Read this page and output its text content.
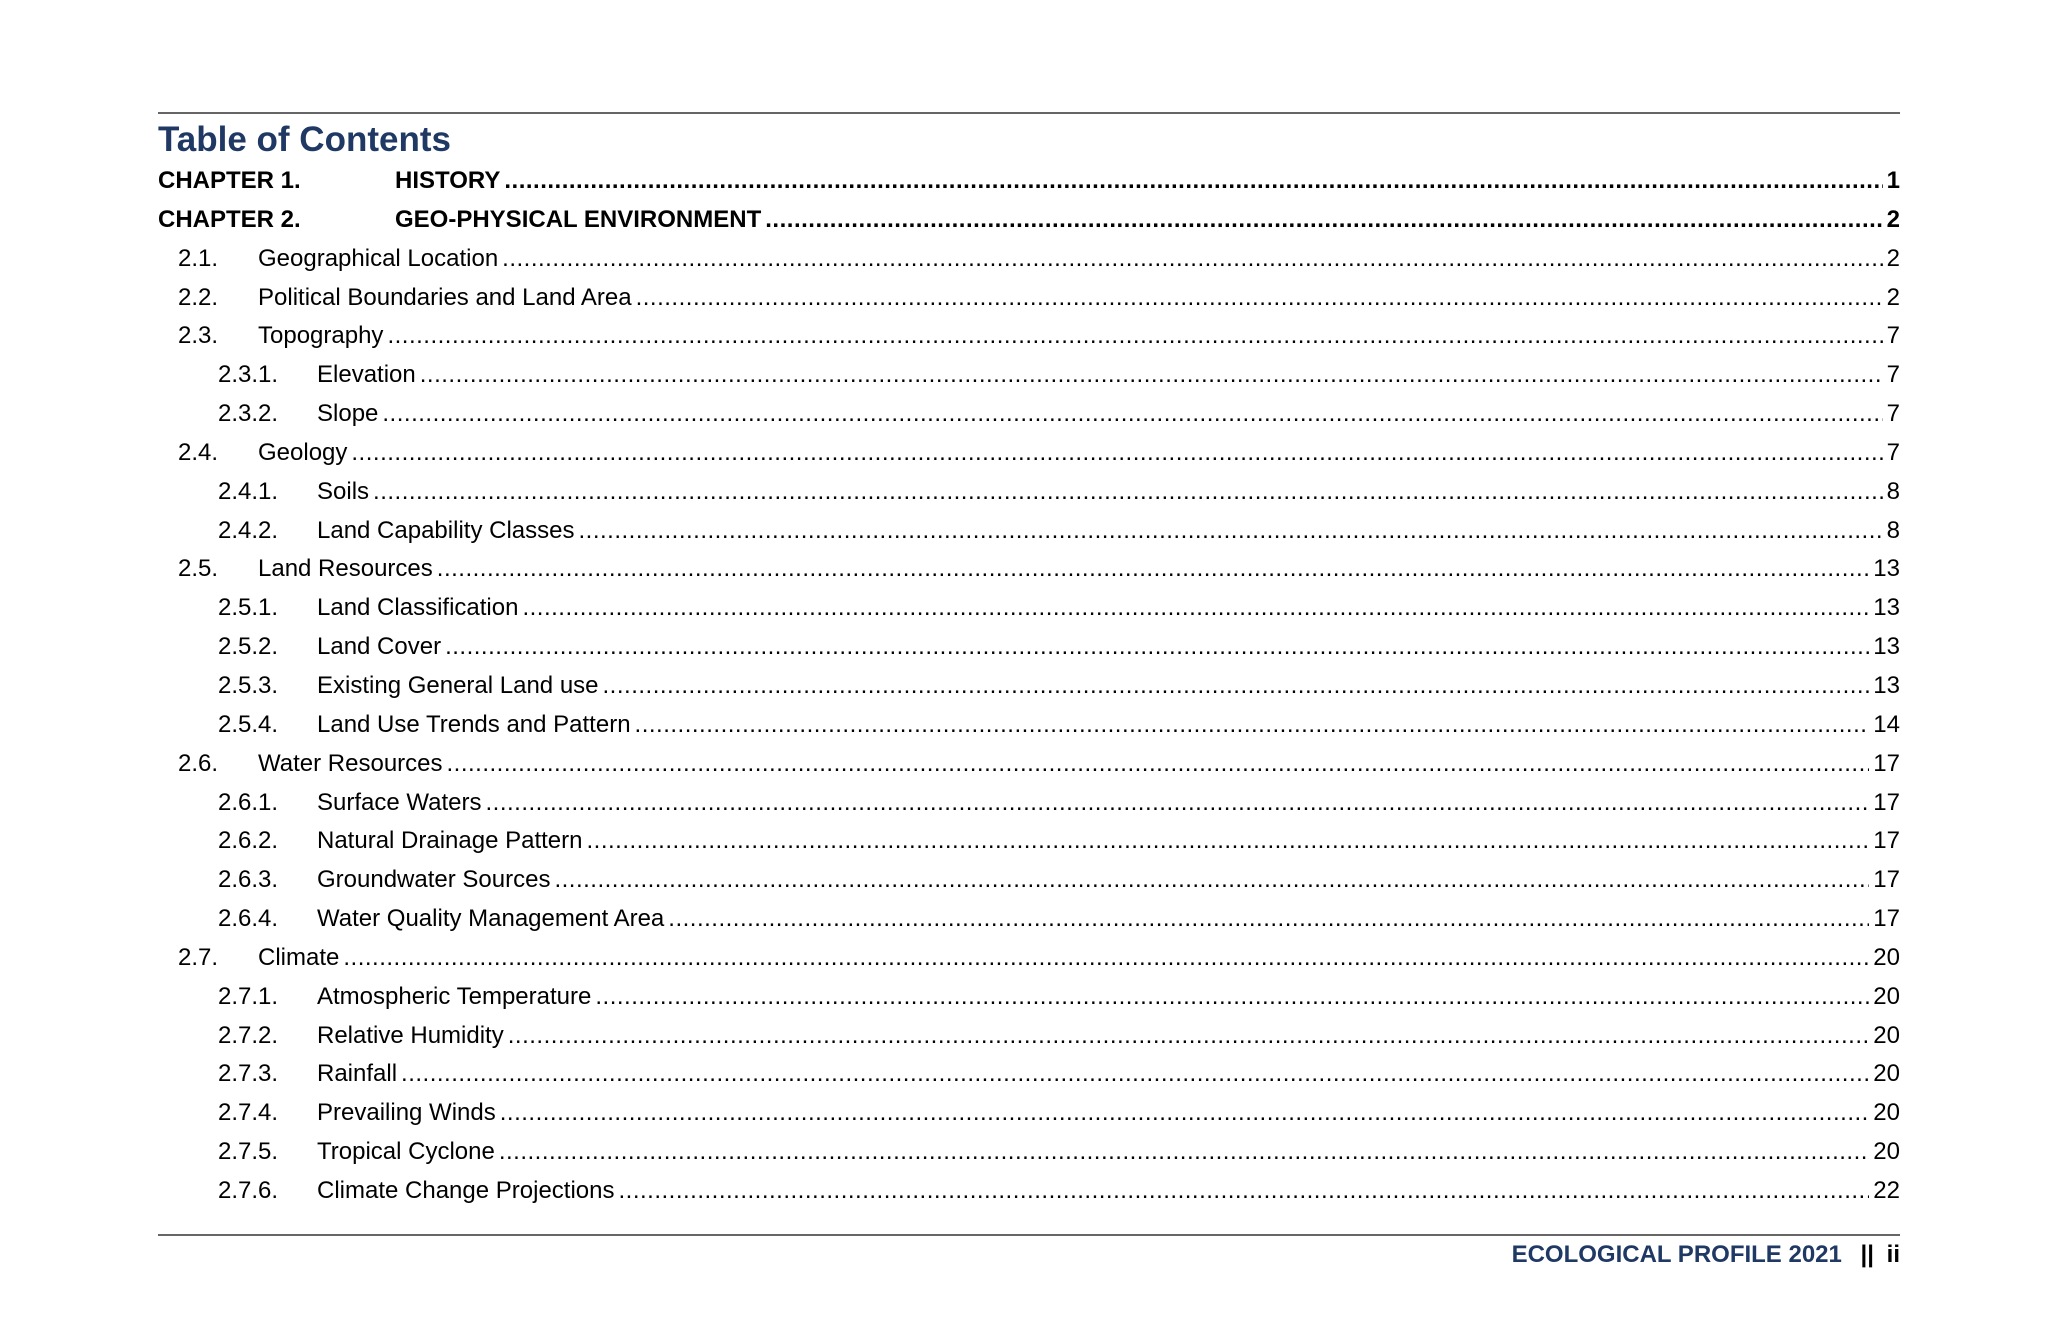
Table of Contents
CHAPTER 1.	HISTORY .....	1
CHAPTER 2.	GEO-PHYSICAL ENVIRONMENT .....	2
2.1.	Geographical Location .....	2
2.2.	Political Boundaries and Land Area .....	2
2.3.	Topography .....	7
2.3.1.	Elevation .....	7
2.3.2.	Slope .....	7
2.4.	Geology .....	7
2.4.1.	Soils .....	8
2.4.2.	Land Capability Classes .....	8
2.5.	Land Resources .....	13
2.5.1.	Land Classification .....	13
2.5.2.	Land Cover .....	13
2.5.3.	Existing General Land use .....	13
2.5.4.	Land Use Trends and Pattern .....	14
2.6.	Water Resources .....	17
2.6.1.	Surface Waters .....	17
2.6.2.	Natural Drainage Pattern .....	17
2.6.3.	Groundwater Sources .....	17
2.6.4.	Water Quality Management Area .....	17
2.7.	Climate .....	20
2.7.1.	Atmospheric Temperature .....	20
2.7.2.	Relative Humidity .....	20
2.7.3.	Rainfall .....	20
2.7.4.	Prevailing Winds .....	20
2.7.5.	Tropical Cyclone .....	20
2.7.6.	Climate Change Projections .....	22
ECOLOGICAL PROFILE 2021 || ii
